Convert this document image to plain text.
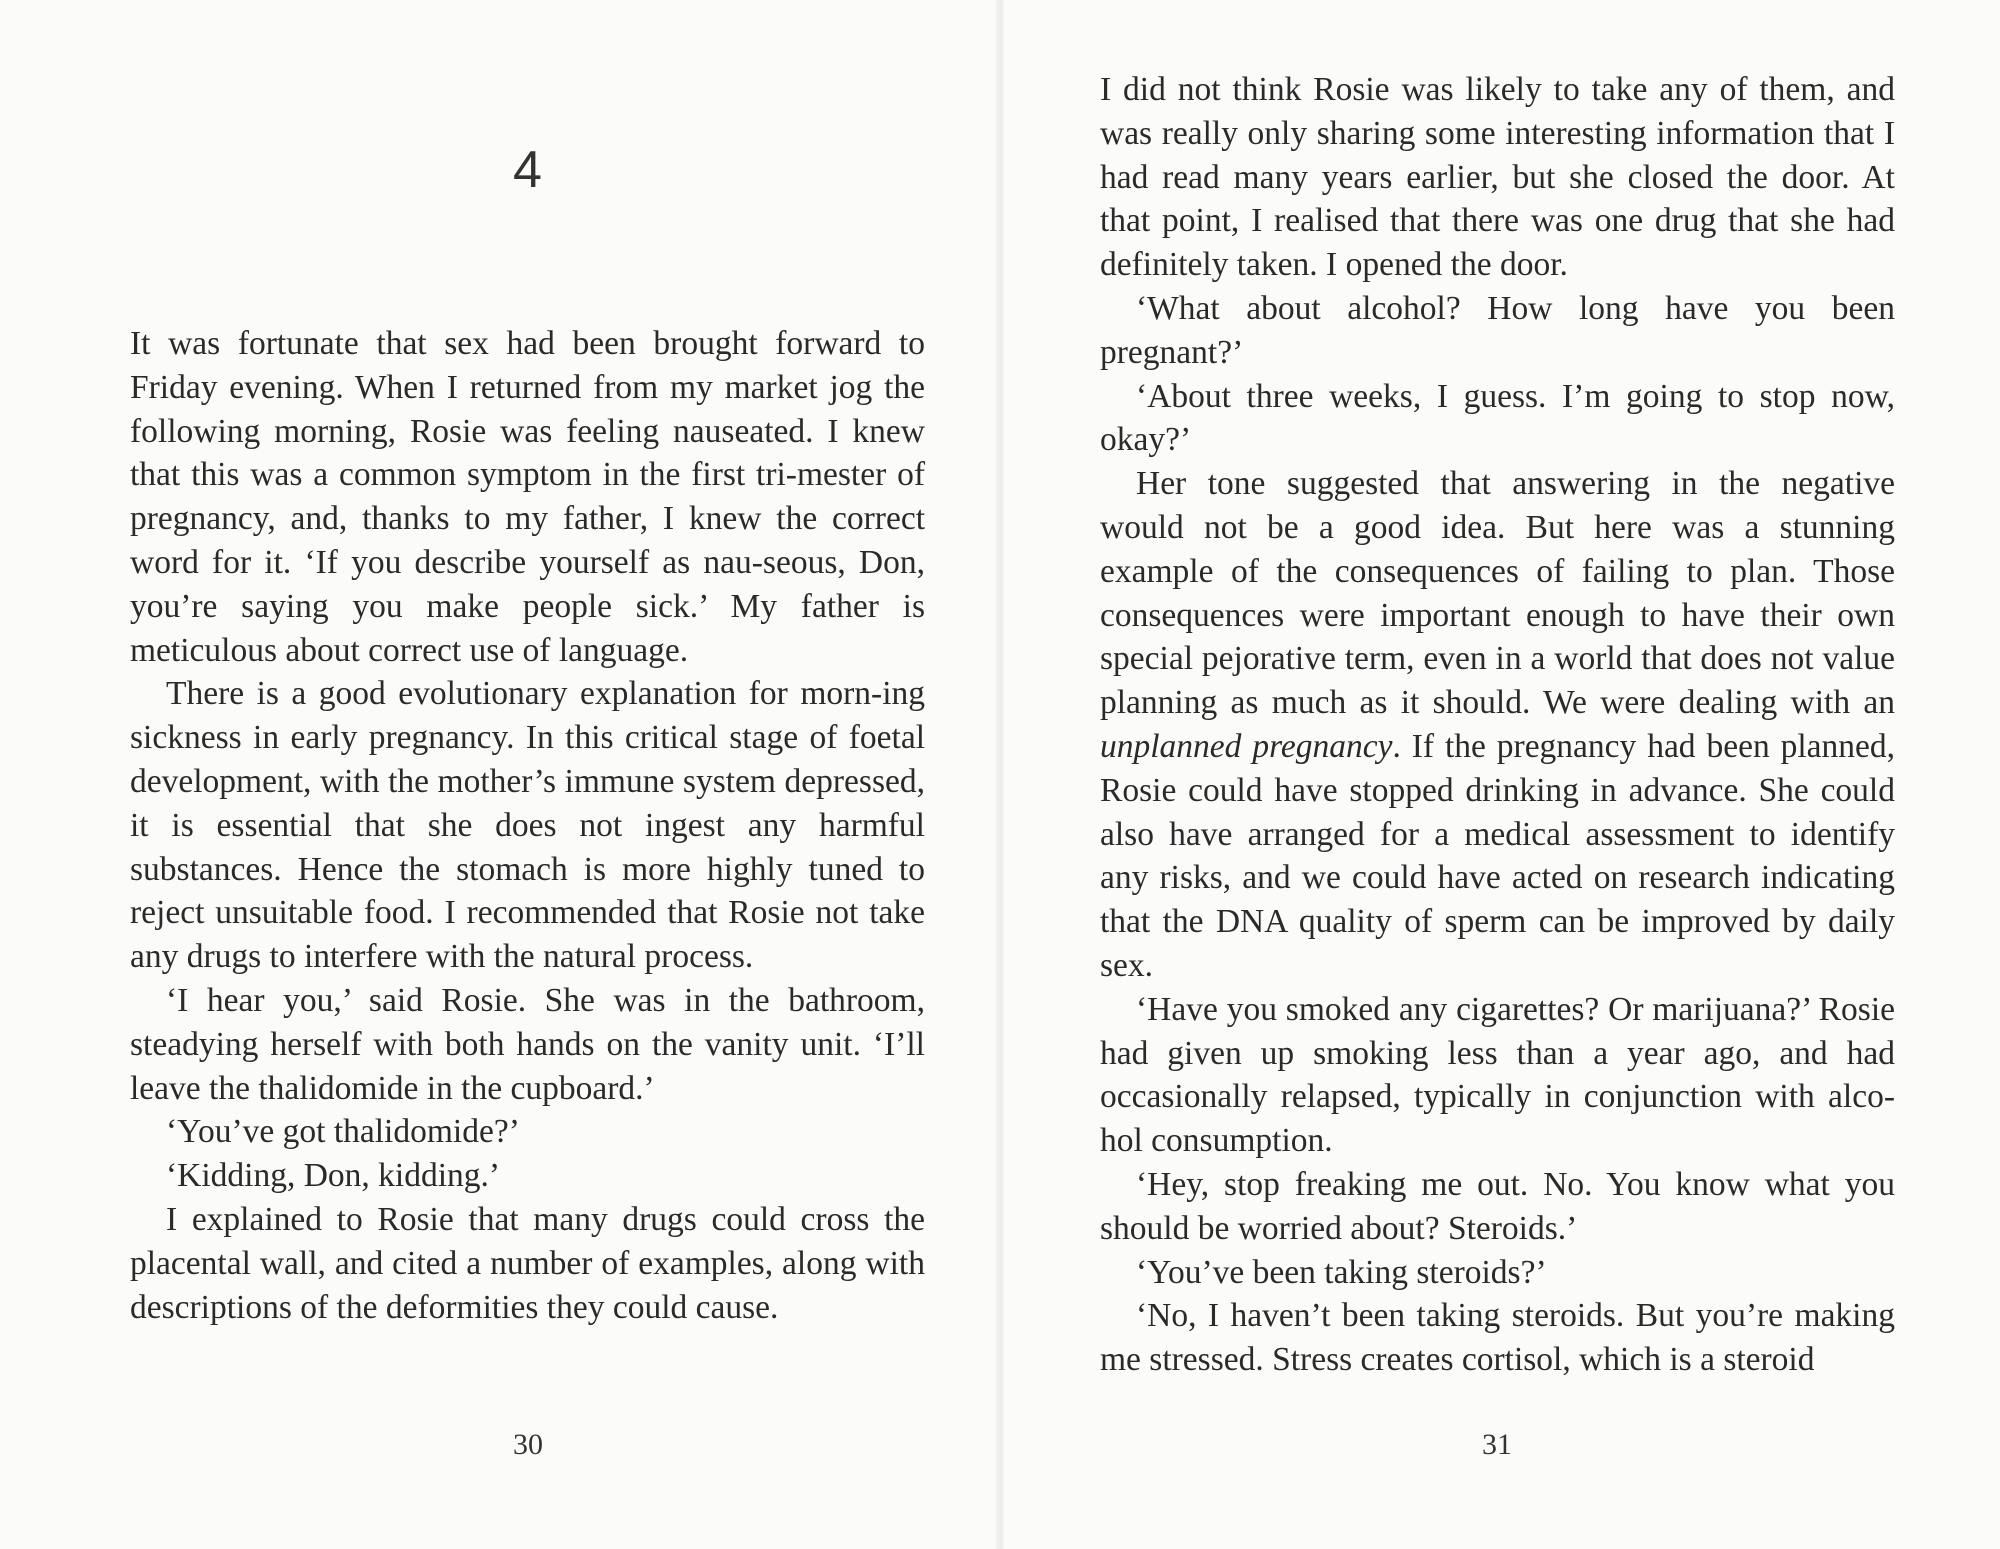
4

It was fortunate that sex had been brought forward to Friday evening. When I returned from my market jog the following morning, Rosie was feeling nauseated. I knew that this was a common symptom in the first tri-mester of pregnancy, and, thanks to my father, I knew the correct word for it. ‘If you describe yourself as nau-seous, Don, you’re saying you make people sick.’ My father is meticulous about correct use of language.

There is a good evolutionary explanation for morn-ing sickness in early pregnancy. In this critical stage of foetal development, with the mother’s immune system depressed, it is essential that she does not ingest any harmful substances. Hence the stomach is more highly tuned to reject unsuitable food. I recommended that Rosie not take any drugs to interfere with the natural process.

‘I hear you,’ said Rosie. She was in the bathroom, steadying herself with both hands on the vanity unit. ‘I’ll leave the thalidomide in the cupboard.’

‘You’ve got thalidomide?’

‘Kidding, Don, kidding.’

I explained to Rosie that many drugs could cross the placental wall, and cited a number of examples, along with descriptions of the deformities they could cause.

30

I did not think Rosie was likely to take any of them, and was really only sharing some interesting information that I had read many years earlier, but she closed the door. At that point, I realised that there was one drug that she had definitely taken. I opened the door.

‘What about alcohol? How long have you been pregnant?’

‘About three weeks, I guess. I’m going to stop now, okay?’

Her tone suggested that answering in the negative would not be a good idea. But here was a stunning example of the consequences of failing to plan. Those consequences were important enough to have their own special pejorative term, even in a world that does not value planning as much as it should. We were dealing with an unplanned pregnancy. If the pregnancy had been planned, Rosie could have stopped drinking in advance. She could also have arranged for a medical assessment to identify any risks, and we could have acted on research indicating that the DNA quality of sperm can be improved by daily sex.

‘Have you smoked any cigarettes? Or marijuana?’ Rosie had given up smoking less than a year ago, and had occasionally relapsed, typically in conjunction with alco-hol consumption.

‘Hey, stop freaking me out. No. You know what you should be worried about? Steroids.’

‘You’ve been taking steroids?’

‘No, I haven’t been taking steroids. But you’re making me stressed. Stress creates cortisol, which is a steroid

31
